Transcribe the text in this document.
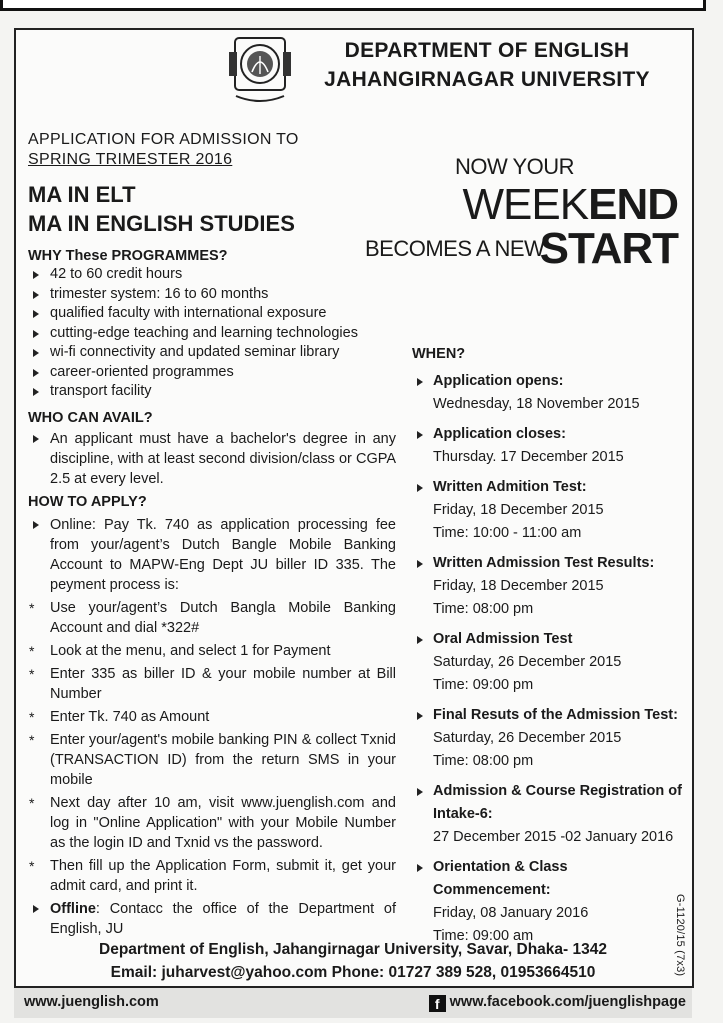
DEPARTMENT OF ENGLISH
JAHANGIRNAGAR UNIVERSITY
APPLICATION FOR ADMISSION TO
SPRING TRIMESTER 2016
MA IN ELT
MA IN ENGLISH STUDIES
NOW YOUR
WEEKEND
BECOMES A NEW
START
WHY These PROGRAMMES?
42 to 60 credit hours
trimester system: 16 to 60 months
qualified faculty with international exposure
cutting-edge teaching and learning technologies
wi-fi connectivity and updated seminar library
career-oriented programmes
transport facility
WHO CAN AVAIL?
An applicant must have a bachelor's degree in any discipline, with at least second division/class or CGPA 2.5 at every level.
HOW TO APPLY?
Online: Pay Tk. 740 as application processing fee from your/agent’s Dutch Bangle Mobile Banking Account to MAPW-Eng Dept JU biller ID 335. The peyment process is:
* Use your/agent’s Dutch Bangla Mobile Banking Account and dial *322#
* Look at the menu, and select 1 for Payment
* Enter 335 as biller ID & your mobile number at Bill Number
* Enter Tk. 740 as Amount
* Enter your/agent's mobile banking PIN & collect Txnid (TRANSACTION ID) from the return SMS in your mobile
* Next day after 10 am, visit www.juenglish.com and log in "Online Application" with your Mobile Number as the login ID and Txnid vs the password.
* Then fill up the Application Form, submit it, get your admit card, and print it.
Offline: Contacc the office of the Department of English, JU
WHEN?
Application opens:
Wednesday, 18 November 2015
Application closes:
Thursday. 17 December 2015
Written Admition Test:
Friday, 18 December 2015
Time: 10:00 - 11:00 am
Written Admission Test Results:
Friday, 18 December 2015
Time: 08:00 pm
Oral Admission Test
Saturday, 26 December 2015
Time: 09:00 pm
Final Resuts of the Admission Test:
Saturday, 26 December 2015
Time: 08:00 pm
Admission & Course Registration of Intake-6:
27 December 2015 -02 January 2016
Orientation & Class Commencement:
Friday, 08 January 2016
Time: 09:00 am	G-1120/15 (7x3)
Department of English, Jahangirnagar University, Savar, Dhaka- 1342
Email: juharvest@yahoo.com Phone: 01727 389 528, 01953664510
www.juenglish.com	f www.facebook.com/juenglishpage
